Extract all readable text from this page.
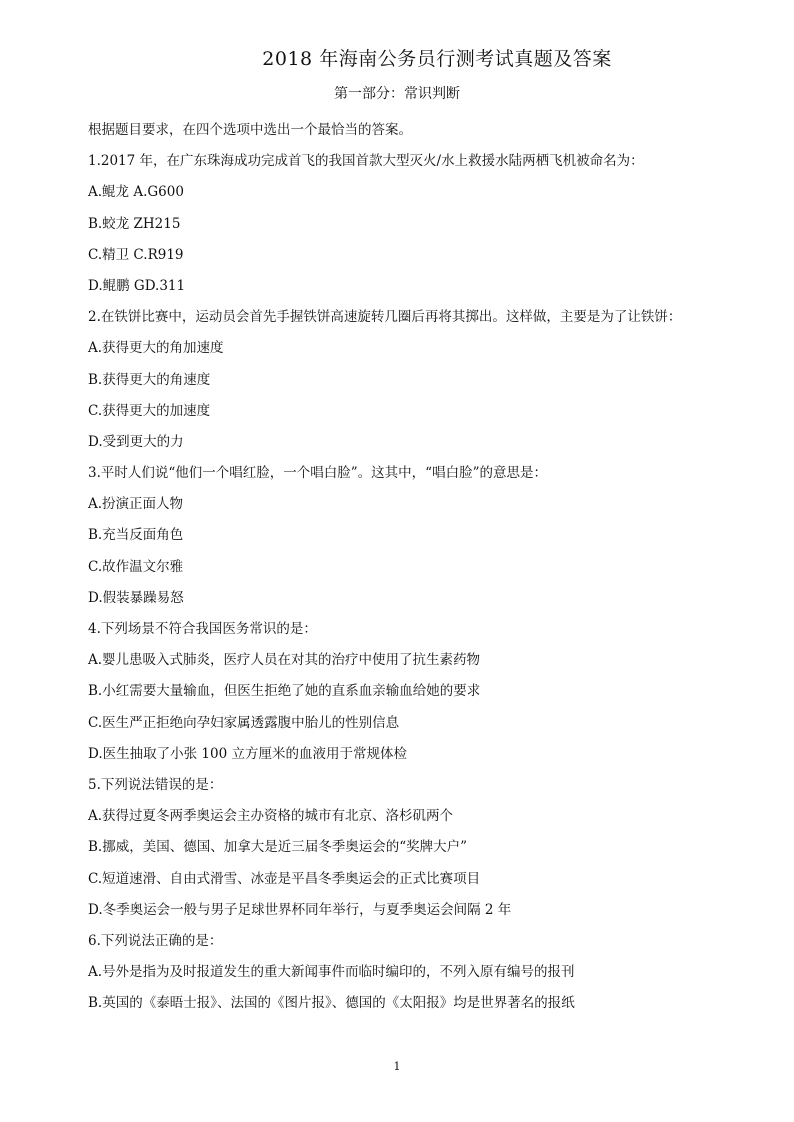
2018 年海南公务员行测考试真题及答案
第一部分：常识判断
根据题目要求，在四个选项中选出一个最恰当的答案。
1.2017 年，在广东珠海成功完成首飞的我国首款大型灭火/水上救援水陆两栖飞机被命名为：
A.鲲龙 A.G600
B.蛟龙 ZH215
C.精卫 C.R919
D.鲲鹏 GD.311
2.在铁饼比赛中，运动员会首先手握铁饼高速旋转几圈后再将其掷出。这样做，主要是为了让铁饼：
A.获得更大的角加速度
B.获得更大的角速度
C.获得更大的加速度
D.受到更大的力
3.平时人们说“他们一个唱红脸，一个唱白脸”。这其中，“唱白脸”的意思是：
A.扮演正面人物
B.充当反面角色
C.故作温文尔雅
D.假装暴躁易怒
4.下列场景不符合我国医务常识的是：
A.婴儿患吸入式肺炎，医疗人员在对其的治疗中使用了抗生素药物
B.小红需要大量输血，但医生拒绝了她的直系血亲输血给她的要求
C.医生严正拒绝向孕妇家属透露腹中胎儿的性别信息
D.医生抽取了小张 100 立方厘米的血液用于常规体检
5.下列说法错误的是：
A.获得过夏冬两季奥运会主办资格的城市有北京、洛杉矶两个
B.挪威，美国、德国、加拿大是近三届冬季奥运会的“奖牌大户”
C.短道速滑、自由式滑雪、冰壶是平昌冬季奥运会的正式比赛项目
D.冬季奥运会一般与男子足球世界杯同年举行，与夏季奥运会间隔 2 年
6.下列说法正确的是：
A.号外是指为及时报道发生的重大新闻事件而临时编印的，不列入原有编号的报刊
B.英国的《泰晤士报》、法国的《图片报》、德国的《太阳报》均是世界著名的报纸
1
